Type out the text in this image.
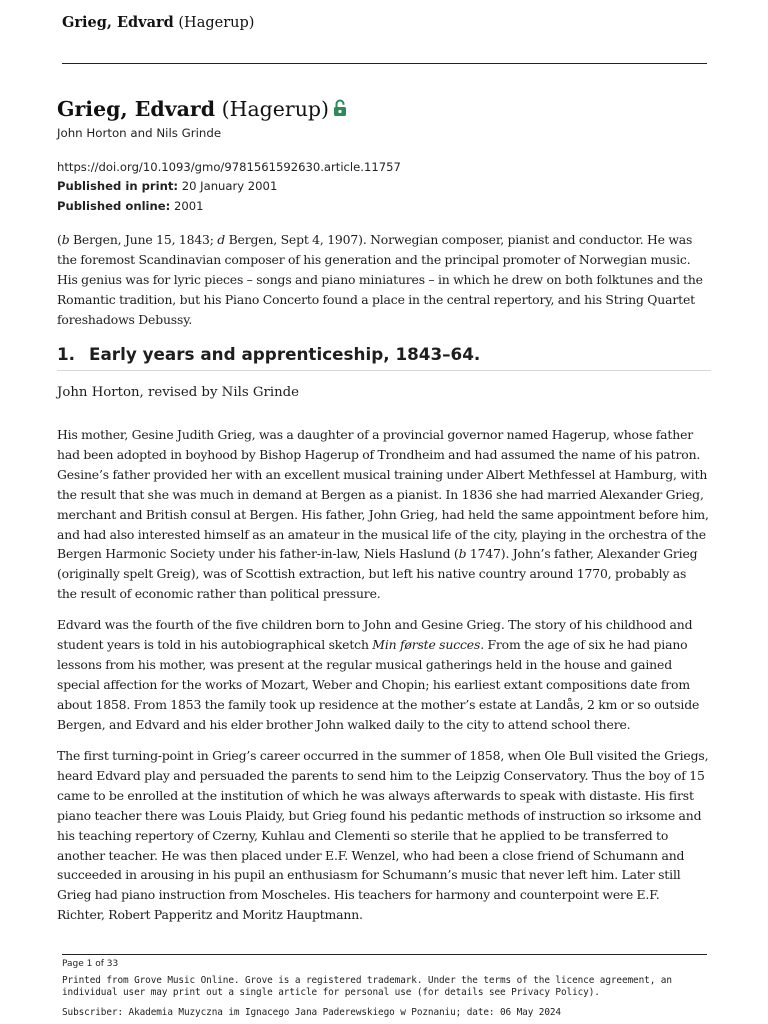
Grieg, Edvard (Hagerup)
Grieg, Edvard (Hagerup)
John Horton and Nils Grinde
https://doi.org/10.1093/gmo/9781561592630.article.11757
Published in print: 20 January 2001
Published online: 2001
(b Bergen, June 15, 1843; d Bergen, Sept 4, 1907). Norwegian composer, pianist and conductor. He was the foremost Scandinavian composer of his generation and the principal promoter of Norwegian music. His genius was for lyric pieces – songs and piano miniatures – in which he drew on both folktunes and the Romantic tradition, but his Piano Concerto found a place in the central repertory, and his String Quartet foreshadows Debussy.
1. Early years and apprenticeship, 1843–64.
John Horton, revised by Nils Grinde
His mother, Gesine Judith Grieg, was a daughter of a provincial governor named Hagerup, whose father had been adopted in boyhood by Bishop Hagerup of Trondheim and had assumed the name of his patron. Gesine’s father provided her with an excellent musical training under Albert Methfessel at Hamburg, with the result that she was much in demand at Bergen as a pianist. In 1836 she had married Alexander Grieg, merchant and British consul at Bergen. His father, John Grieg, had held the same appointment before him, and had also interested himself as an amateur in the musical life of the city, playing in the orchestra of the Bergen Harmonic Society under his father-in-law, Niels Haslund (b 1747). John’s father, Alexander Grieg (originally spelt Greig), was of Scottish extraction, but left his native country around 1770, probably as the result of economic rather than political pressure.
Edvard was the fourth of the five children born to John and Gesine Grieg. The story of his childhood and student years is told in his autobiographical sketch Min første succes. From the age of six he had piano lessons from his mother, was present at the regular musical gatherings held in the house and gained special affection for the works of Mozart, Weber and Chopin; his earliest extant compositions date from about 1858. From 1853 the family took up residence at the mother’s estate at Landås, 2 km or so outside Bergen, and Edvard and his elder brother John walked daily to the city to attend school there.
The first turning-point in Grieg’s career occurred in the summer of 1858, when Ole Bull visited the Griegs, heard Edvard play and persuaded the parents to send him to the Leipzig Conservatory. Thus the boy of 15 came to be enrolled at the institution of which he was always afterwards to speak with distaste. His first piano teacher there was Louis Plaidy, but Grieg found his pedantic methods of instruction so irksome and his teaching repertory of Czerny, Kuhlau and Clementi so sterile that he applied to be transferred to another teacher. He was then placed under E.F. Wenzel, who had been a close friend of Schumann and succeeded in arousing in his pupil an enthusiasm for Schumann’s music that never left him. Later still Grieg had piano instruction from Moscheles. His teachers for harmony and counterpoint were E.F. Richter, Robert Papperitz and Moritz Hauptmann.
Page 1 of 33
Printed from Grove Music Online. Grove is a registered trademark. Under the terms of the licence agreement, an individual user may print out a single article for personal use (for details see Privacy Policy).
Subscriber: Akademia Muzyczna im Ignacego Jana Paderewskiego w Poznaniu; date: 06 May 2024
